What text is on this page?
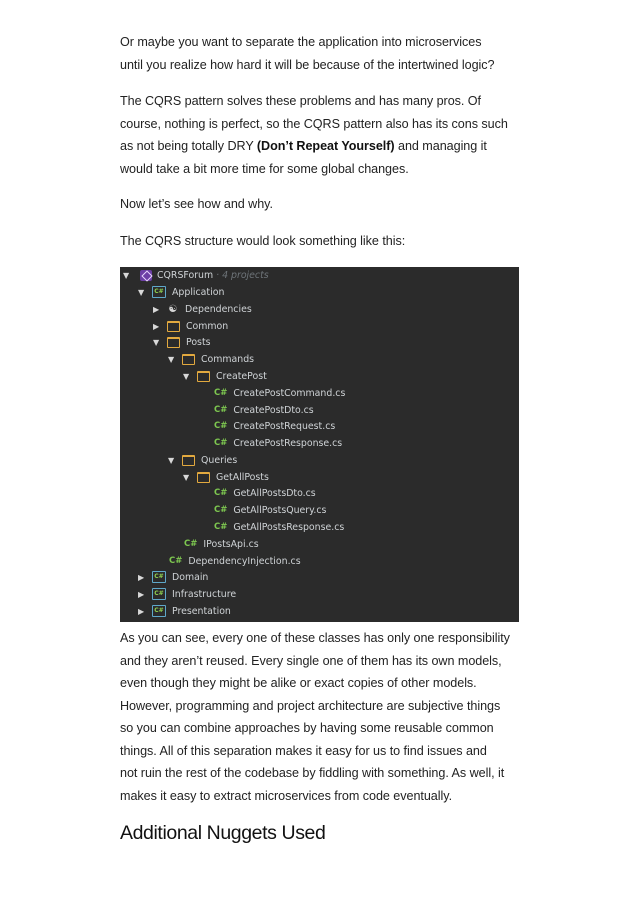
Or maybe you want to separate the application into microservices
until you realize how hard it will be because of the intertwined logic?

The CQRS pattern solves these problems and has many pros. Of
course, nothing is perfect, so the CQRS pattern also has its cons such
as not being totally DRY (Don’t Repeat Yourself) and managing it
would take a bit more time for some global changes.

Now let’s see how and why.

The CQRS structure would look something like this:

▼
CQRSForum
· 4 projects
▼
C# Application
▶
☯ Dependencies
▶
Common
▼
Posts
▼
Commands
▼
CreatePost
C# CreatePostCommand.cs
C# CreatePostDto.cs
C# CreatePostRequest.cs
C# CreatePostResponse.cs
▼
Queries
▼
GetAllPosts
C# GetAllPostsDto.cs
C# GetAllPostsQuery.cs
C# GetAllPostsResponse.cs
C# IPostsApi.cs
C# DependencyInjection.cs
▶
C# Domain
▶
C# Infrastructure
▶
C# Presentation

As you can see, every one of these classes has only one responsibility
and they aren’t reused. Every single one of them has its own models,
even though they might be alike or exact copies of other models.
However, programming and project architecture are subjective things
so you can combine approaches by having some reusable common
things. All of this separation makes it easy for us to find issues and
not ruin the rest of the codebase by fiddling with something. As well, it
makes it easy to extract microservices from code eventually.

Additional Nuggets Used
